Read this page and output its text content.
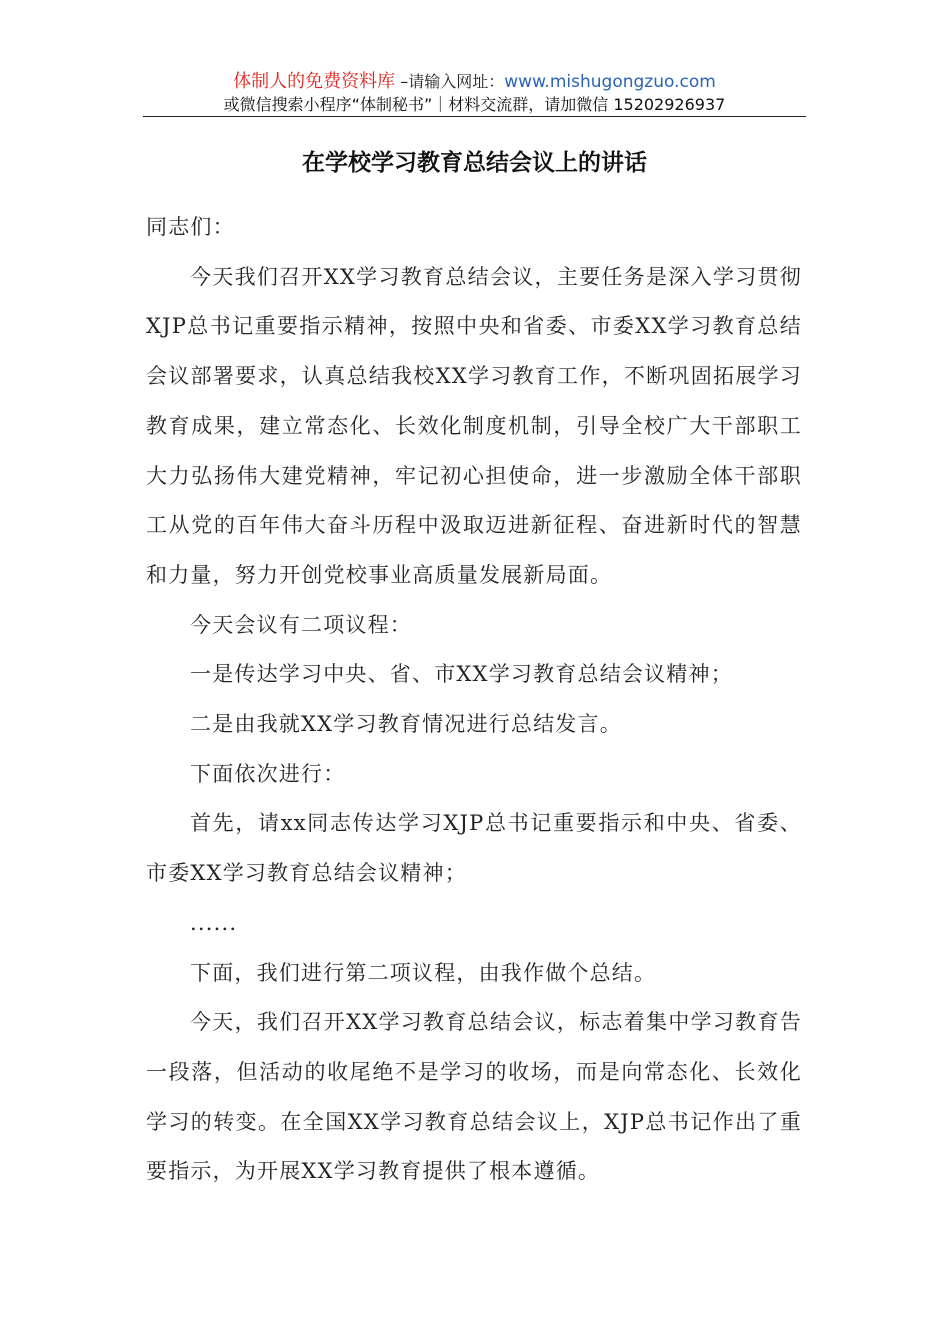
体制人的免费资料库 –请输入网址：www.mishugongzuo.com
或微信搜索小程序“体制秘书”｜材料交流群，请加微信 15202926937
在学校学习教育总结会议上的讲话

同志们：

今天我们召开XX学习教育总结会议，主要任务是深入学习贯彻XJP总书记重要指示精神，按照中央和省委、市委XX学习教育总结会议部署要求，认真总结我校XX学习教育工作，不断巩固拓展学习教育成果，建立常态化、长效化制度机制，引导全校广大干部职工大力弘扬伟大建党精神，牢记初心担使命，进一步激励全体干部职工从党的百年伟大奋斗历程中汲取迈进新征程、奋进新时代的智慧和力量，努力开创党校事业高质量发展新局面。

今天会议有二项议程：

一是传达学习中央、省、市XX学习教育总结会议精神；

二是由我就XX学习教育情况进行总结发言。

下面依次进行：

首先，请xx同志传达学习XJP总书记重要指示和中央、省委、市委XX学习教育总结会议精神；

......

下面，我们进行第二项议程，由我作做个总结。

今天，我们召开XX学习教育总结会议，标志着集中学习教育告一段落，但活动的收尾绝不是学习的收场，而是向常态化、长效化学习的转变。在全国XX学习教育总结会议上，XJP总书记作出了重要指示，为开展XX学习教育提供了根本遵循。
